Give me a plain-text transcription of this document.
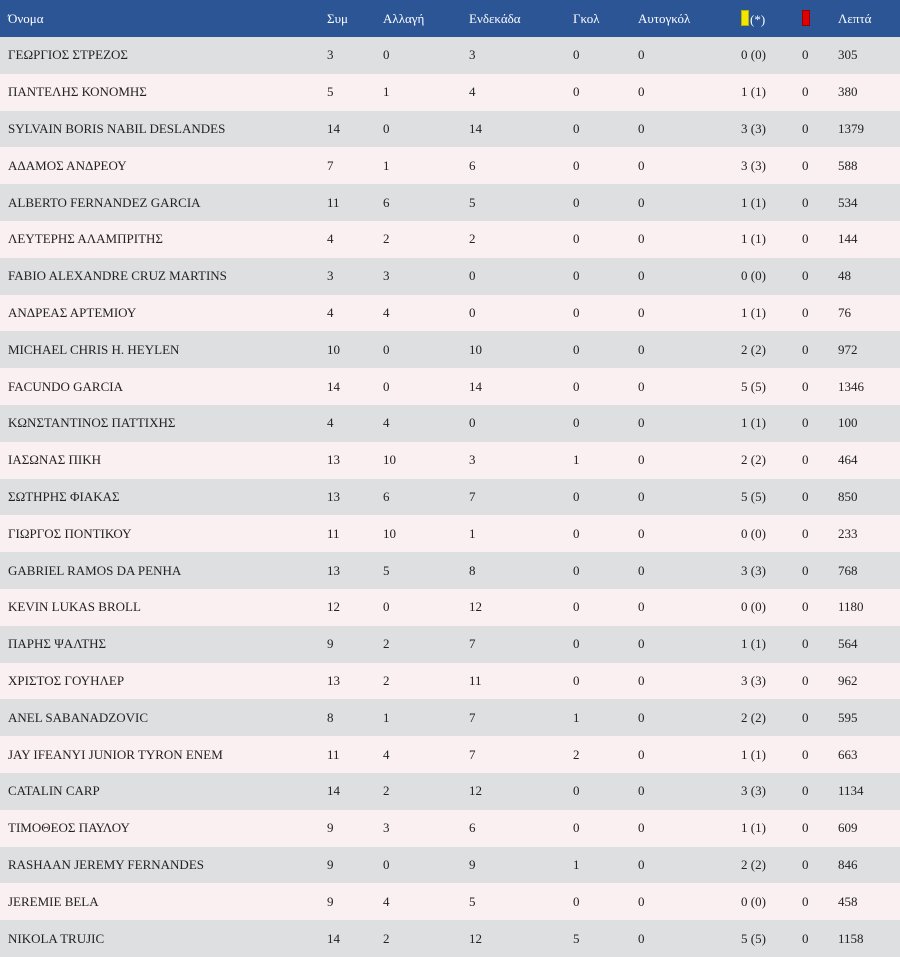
Όνομα	Συμ	Αλλαγή	Ενδεκάδα	Γκολ	Αυτογκόλ	(*)		Λεπτά
ΓΕΩΡΓΙΟΣ ΣΤΡΕΖΟΣ	3	0	3	0	0	0 (0)	0	305
ΠΑΝΤΕΛΗΣ ΚΟΝΟΜΗΣ	5	1	4	0	0	1 (1)	0	380
SYLVAIN BORIS NABIL DESLANDES	14	0	14	0	0	3 (3)	0	1379
ΑΔΑΜΟΣ ΑΝΔΡΕΟΥ	7	1	6	0	0	3 (3)	0	588
ALBERTO FERNANDEZ GARCIA	11	6	5	0	0	1 (1)	0	534
ΛΕΥΤΕΡΗΣ ΑΛΑΜΠΡΙΤΗΣ	4	2	2	0	0	1 (1)	0	144
FABIO ALEXANDRE CRUZ MARTINS	3	3	0	0	0	0 (0)	0	48
ΑΝΔΡΕΑΣ ΑΡΤΕΜΙΟΥ	4	4	0	0	0	1 (1)	0	76
MICHAEL CHRIS H. HEYLEN	10	0	10	0	0	2 (2)	0	972
FACUNDO GARCIA	14	0	14	0	0	5 (5)	0	1346
ΚΩΝΣΤΑΝΤΙΝΟΣ ΠΑΤΤΙΧΗΣ	4	4	0	0	0	1 (1)	0	100
ΙΑΣΩΝΑΣ ΠΙΚΗ	13	10	3	1	0	2 (2)	0	464
ΣΩΤΗΡΗΣ ΦΙΑΚΑΣ	13	6	7	0	0	5 (5)	0	850
ΓΙΩΡΓΟΣ ΠΟΝΤΙΚΟΥ	11	10	1	0	0	0 (0)	0	233
GABRIEL RAMOS DA PENHA	13	5	8	0	0	3 (3)	0	768
KEVIN LUKAS BROLL	12	0	12	0	0	0 (0)	0	1180
ΠΑΡΗΣ ΨΑΛΤΗΣ	9	2	7	0	0	1 (1)	0	564
ΧΡΙΣΤΟΣ ΓΟΥΗΛΕΡ	13	2	11	0	0	3 (3)	0	962
ANEL SABANADZOVIC	8	1	7	1	0	2 (2)	0	595
JAY IFEANYI JUNIOR TYRON ENEM	11	4	7	2	0	1 (1)	0	663
CATALIN CARP	14	2	12	0	0	3 (3)	0	1134
ΤΙΜΟΘΕΟΣ ΠΑΥΛΟΥ	9	3	6	0	0	1 (1)	0	609
RASHAAN JEREMY FERNANDES	9	0	9	1	0	2 (2)	0	846
JEREMIE BELA	9	4	5	0	0	0 (0)	0	458
NIKOLA TRUJIC	14	2	12	5	0	5 (5)	0	1158
